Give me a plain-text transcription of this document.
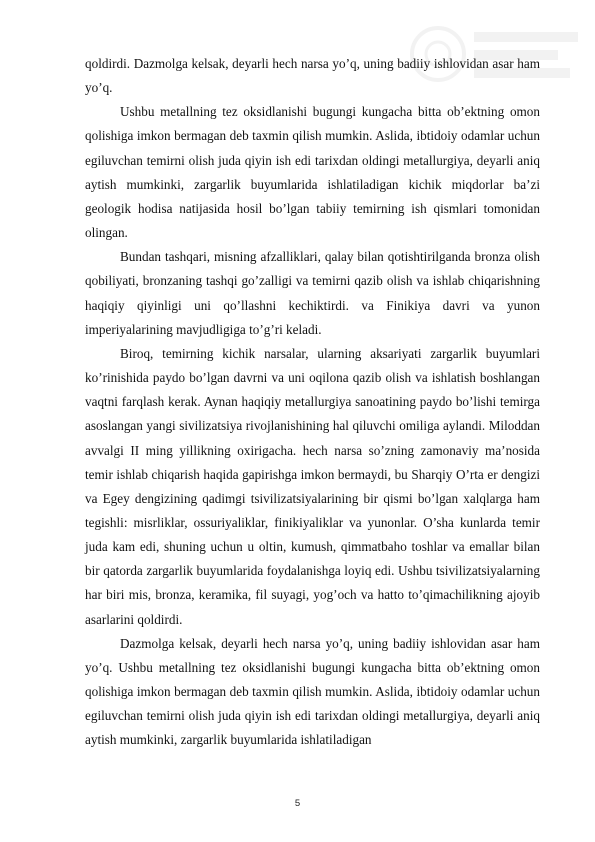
qoldirdi. Dazmolga kelsak, deyarli hech narsa yo’q, uning badiiy ishlovidan asar ham yo’q.

Ushbu metallning tez oksidlanishi bugungi kungacha bitta ob’ektning omon qolishiga imkon bermagan deb taxmin qilish mumkin. Aslida, ibtidoiy odamlar uchun egiluvchan temirni olish juda qiyin ish edi tarixdan oldingi metallurgiya, deyarli aniq aytish mumkinki, zargarlik buyumlarida ishlatiladigan kichik miqdorlar ba’zi geologik hodisa natijasida hosil bo’lgan tabiiy temirning ish qismlari tomonidan olingan.

Bundan tashqari, misning afzalliklari, qalay bilan qotishtirilganda bronza olish qobiliyati, bronzaning tashqi go’zalligi va temirni qazib olish va ishlab chiqarishning haqiqiy qiyinligi uni qo’llashni kechiktirdi. va Finikiya davri va yunon imperiyalarining mavjudligiga to’g’ri keladi.

Biroq, temirning kichik narsalar, ularning aksariyati zargarlik buyumlari ko’rinishida paydo bo’lgan davrni va uni oqilona qazib olish va ishlatish boshlangan vaqtni farqlash kerak. Aynan haqiqiy metallurgiya sanoatining paydo bo’lishi temirga asoslangan yangi sivilizatsiya rivojlanishining hal qiluvchi omiliga aylandi. Miloddan avvalgi II ming yillikning oxirigacha. hech narsa so’zning zamonaviy ma’nosida temir ishlab chiqarish haqida gapirishga imkon bermaydi, bu Sharqiy O’rta er dengizi va Egey dengizining qadimgi tsivilizatsiyalarining bir qismi bo’lgan xalqlarga ham tegishli: misrliklar, ossuriyaliklar, finikiyaliklar va yunonlar. O’sha kunlarda temir juda kam edi, shuning uchun u oltin, kumush, qimmatbaho toshlar va emallar bilan bir qatorda zargarlik buyumlarida foydalanishga loyiq edi. Ushbu tsivilizatsiyalarning har biri mis, bronza, keramika, fil suyagi, yog’och va hatto to’qimachilikning ajoyib asarlarini qoldirdi.

Dazmolga kelsak, deyarli hech narsa yo’q, uning badiiy ishlovidan asar ham yo’q. Ushbu metallning tez oksidlanishi bugungi kungacha bitta ob’ektning omon qolishiga imkon bermagan deb taxmin qilish mumkin. Aslida, ibtidoiy odamlar uchun egiluvchan temirni olish juda qiyin ish edi tarixdan oldingi metallurgiya, deyarli aniq aytish mumkinki, zargarlik buyumlarida ishlatiladigan

5
